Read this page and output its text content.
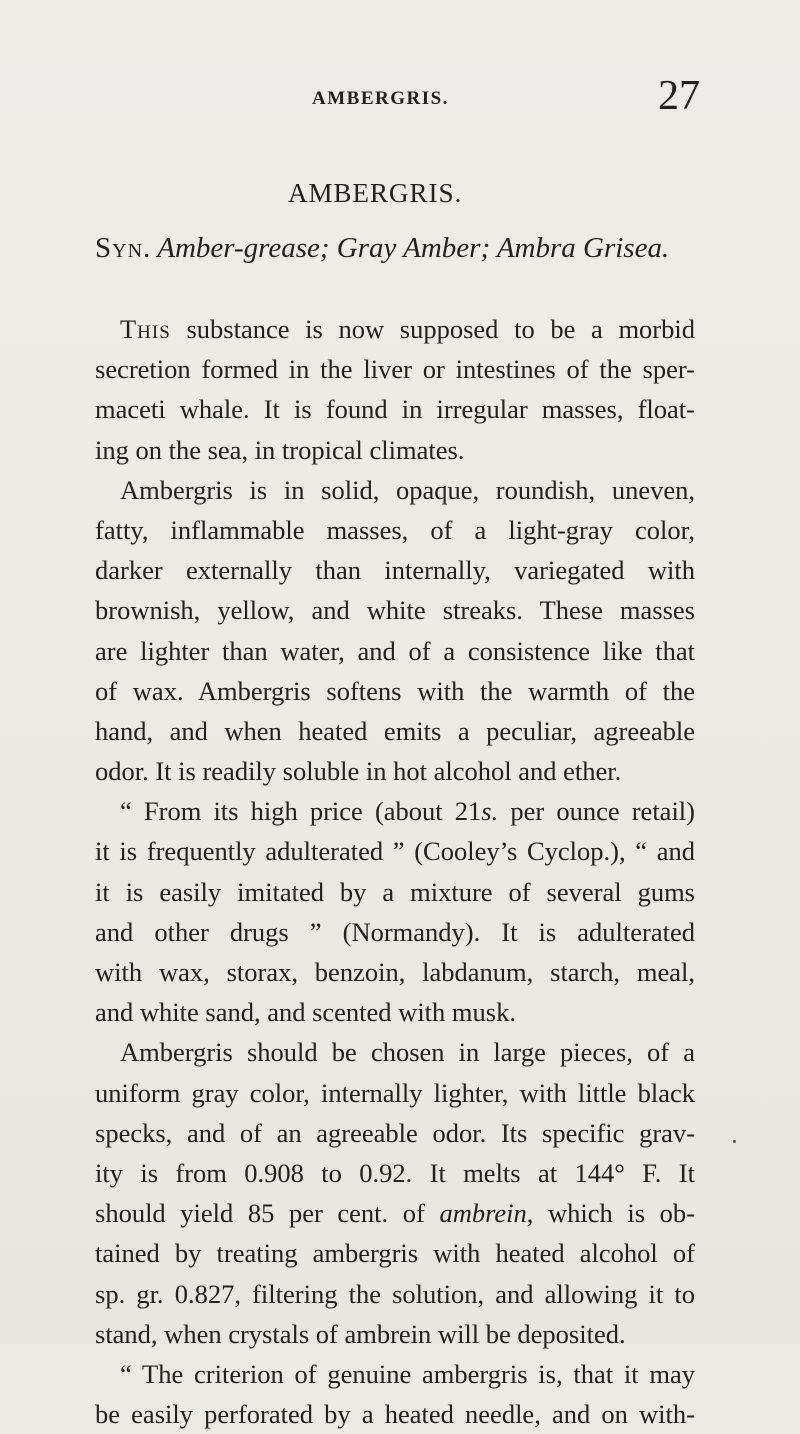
AMBERGRIS.	27
AMBERGRIS.
Syn. Amber-grease; Gray Amber; Ambra Grisea.
This substance is now supposed to be a morbid
secretion formed in the liver or intestines of the sper-
maceti whale. It is found in irregular masses, float-
ing on the sea, in tropical climates.
Ambergris is in solid, opaque, roundish, uneven,
fatty, inflammable masses, of a light-gray color,
darker externally than internally, variegated with
brownish, yellow, and white streaks. These masses
are lighter than water, and of a consistence like that
of wax. Ambergris softens with the warmth of the
hand, and when heated emits a peculiar, agreeable
odor. It is readily soluble in hot alcohol and ether.
“ From its high price (about 21s. per ounce retail)
it is frequently adulterated ” (Cooley’s Cyclop.), “ and
it is easily imitated by a mixture of several gums
and other drugs ” (Normandy). It is adulterated
with wax, storax, benzoin, labdanum, starch, meal,
and white sand, and scented with musk.
Ambergris should be chosen in large pieces, of a
uniform gray color, internally lighter, with little black
specks, and of an agreeable odor. Its specific grav-
ity is from 0.908 to 0.92. It melts at 144° F. It
should yield 85 per cent. of ambrein, which is ob-
tained by treating ambergris with heated alcohol of
sp. gr. 0.827, filtering the solution, and allowing it to
stand, when crystals of ambrein will be deposited.
“ The criterion of genuine ambergris is, that it may
be easily perforated by a heated needle, and on with-
